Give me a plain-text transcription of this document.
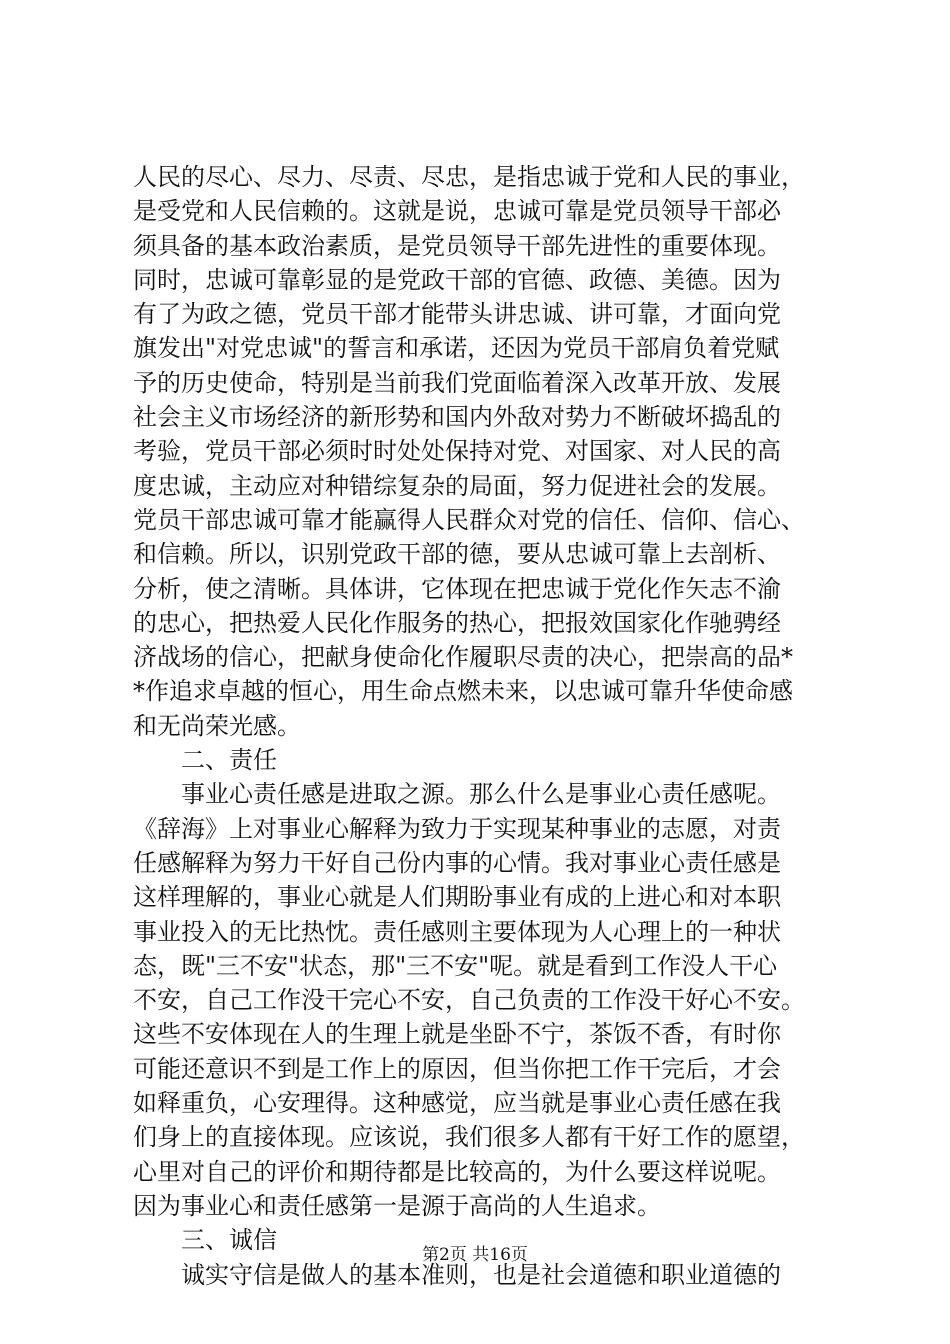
人民的尽心、尽力、尽责、尽忠，是指忠诚于党和人民的事业，
是受党和人民信赖的。这就是说，忠诚可靠是党员领导干部必
须具备的基本政治素质，是党员领导干部先进性的重要体现。
同时，忠诚可靠彰显的是党政干部的官德、政德、美德。因为
有了为政之德，党员干部才能带头讲忠诚、讲可靠，才面向党
旗发出"对党忠诚"的誓言和承诺，还因为党员干部肩负着党赋
予的历史使命，特别是当前我们党面临着深入改革开放、发展
社会主义市场经济的新形势和国内外敌对势力不断破坏捣乱的
考验，党员干部必须时时处处保持对党、对国家、对人民的高
度忠诚，主动应对种错综复杂的局面，努力促进社会的发展。
党员干部忠诚可靠才能赢得人民群众对党的信任、信仰、信心、
和信赖。所以，识别党政干部的德，要从忠诚可靠上去剖析、
分析，使之清晰。具体讲，它体现在把忠诚于党化作矢志不渝
的忠心，把热爱人民化作服务的热心，把报效国家化作驰骋经
济战场的信心，把献身使命化作履职尽责的决心，把崇高的品*
*作追求卓越的恒心，用生命点燃未来，以忠诚可靠升华使命感
和无尚荣光感。
二、责任
事业心责任感是进取之源。那么什么是事业心责任感呢。
《辞海》上对事业心解释为致力于实现某种事业的志愿，对责
任感解释为努力干好自己份内事的心情。我对事业心责任感是
这样理解的，事业心就是人们期盼事业有成的上进心和对本职
事业投入的无比热忱。责任感则主要体现为人心理上的一种状
态，既"三不安"状态，那"三不安"呢。就是看到工作没人干心
不安，自己工作没干完心不安，自己负责的工作没干好心不安。
这些不安体现在人的生理上就是坐卧不宁，茶饭不香，有时你
可能还意识不到是工作上的原因，但当你把工作干完后，才会
如释重负，心安理得。这种感觉，应当就是事业心责任感在我
们身上的直接体现。应该说，我们很多人都有干好工作的愿望，
心里对自己的评价和期待都是比较高的，为什么要这样说呢。
因为事业心和责任感第一是源于高尚的人生追求。
三、诚信
诚实守信是做人的基本准则，也是社会道德和职业道德的
第2页 共16页
